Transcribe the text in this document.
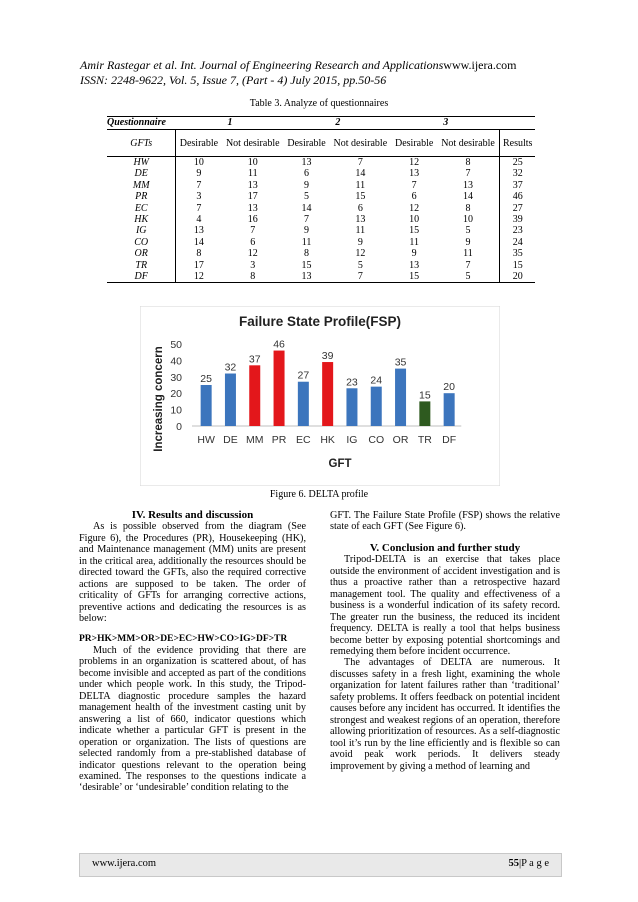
Amir Rastegar et al. Int. Journal of Engineering Research and Applicationswww.ijera.com
ISSN: 2248-9622, Vol. 5, Issue 7, (Part - 4) July 2015, pp.50-56
Table 3. Analyze of questionnaires
Questionnaire	1		2		3		
GFTs	Desirable	Not desirable	Desirable	Not desirable	Desirable	Not desirable	Results
HW	10	10	13	7	12	8	25
DE	9	11	6	14	13	7	32
MM	7	13	9	11	7	13	37
PR	3	17	5	15	6	14	46
EC	7	13	14	6	12	8	27
HK	4	16	7	13	10	10	39
IG	13	7	9	11	15	5	23
CO	14	6	11	9	11	9	24
OR	8	12	8	12	9	11	35
TR	17	3	15	5	13	7	15
DF	12	8	13	7	15	5	20
Failure State Profile(FSP)
Increasing concern
GFT
0
10
20
30
40
50
25
HW
32
DE
37
MM
46
PR
27
EC
39
HK
23
IG
24
CO
35
OR
15
TR
20
DF
Figure 6. DELTA profile
IV. Results and discussion

As is possible observed from the diagram (See Figure 6), the Procedures (PR), Housekeeping (HK), and Maintenance management (MM) units are present in the critical area, additionally the resources should be directed toward the GFTs, also the required corrective actions are supposed to be taken. The order of criticality of GFTs for arranging corrective actions, preventive actions and dedicating the resources is as below:

PR>HK>MM>OR>DE>EC>HW>CO>IG>DF>TR

Much of the evidence providing that there are problems in an organization is scattered about, of has become invisible and accepted as part of the conditions under which people work. In this study, the Tripod-DELTA diagnostic procedure samples the hazard management health of the investment casting unit by answering a list of 660, indicator questions which indicate whether a particular GFT is present in the operation or organization. The lists of questions are selected randomly from a pre-stablished database of indicator questions relevant to the operation being examined. The responses to the questions indicate a ‘desirable’ or ‘undesirable’ condition relating to the

GFT. The Failure State Profile (FSP) shows the relative state of each GFT (See Figure 6).

V. Conclusion and further study

Tripod-DELTA is an exercise that takes place outside the environment of accident investigation and is thus a proactive rather than a retrospective hazard management tool. The quality and effectiveness of a business is a wonderful indication of its safety record. The greater run the business, the reduced its incident frequency. DELTA is really a tool that helps business become better by exposing potential shortcomings and remedying them before incident occurrence.

The advantages of DELTA are numerous. It discusses safety in a fresh light, examining the whole organization for latent failures rather than ‘traditional’ safety problems. It offers feedback on potential incident causes before any incident has occurred. It identifies the strongest and weakest regions of an operation, therefore allowing prioritization of resources. As a self-diagnostic tool it’s run by the line efficiently and is flexible so can avoid peak work periods. It delivers steady improvement by giving a method of learning and

www.ijera.com	55|P a g e
